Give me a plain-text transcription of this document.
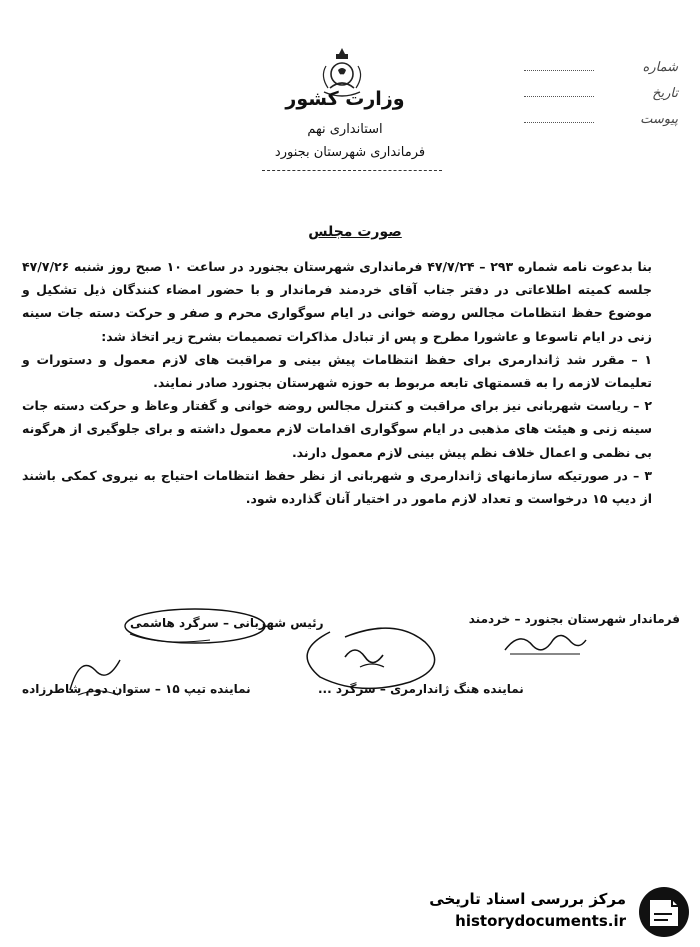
وزارت کشور
استانداری نهم
فرمانداری شهرستان بجنورد
شماره
تاریخ
پیوست
صورت مجلس

بنا بدعوت نامه شماره ۲۹۳ – ۴۷/۷/۲۴ فرمانداری شهرستان بجنورد در ساعت ۱۰ صبح روز شنبه ۴۷/۷/۲۶ جلسه کمیته اطلاعاتی در دفتر جناب آقای خردمند فرماندار و با حضور امضاء کنندگان ذیل تشکیل و موضوع حفظ انتظامات مجالس روضه خوانی در ایام سوگواری محرم و صفر و حرکت دسته جات سینه زنی در ایام تاسوعا و عاشورا مطرح و پس از تبادل مذاکرات تصمیمات بشرح زیر اتخاذ شد:

۱ – مقرر شد ژاندارمری برای حفظ انتظامات پیش بینی و مراقبت های لازم معمول و دستورات و تعلیمات لازمه را به قسمتهای تابعه مربوط به حوزه شهرستان بجنورد صادر نمایند.

۲ – ریاست شهربانی نیز برای مراقبت و کنترل مجالس روضه خوانی و گفتار وعاظ و حرکت دسته جات سینه زنی و هیئت های مذهبی در ایام سوگواری اقدامات لازم معمول داشته و برای جلوگیری از هرگونه بی نظمی و اعمال خلاف نظم پیش بینی لازم معمول دارند.

۳ – در صورتیکه سازمانهای ژاندارمری و شهربانی از نظر حفظ انتظامات احتیاج به نیروی کمکی باشند از دیپ ۱۵ درخواست و تعداد لازم مامور در اختیار آنان گذارده شود.

فرماندار شهرستان بجنورد – خردمند
رئیس شهربانی – سرگرد هاشمی
نماینده هنگ ژاندارمری – سرگرد ...
نماینده تیپ ۱۵ – ستوان دوم شاطرزاده
مرکز بررسی اسناد تاریخی
historydocuments.ir
